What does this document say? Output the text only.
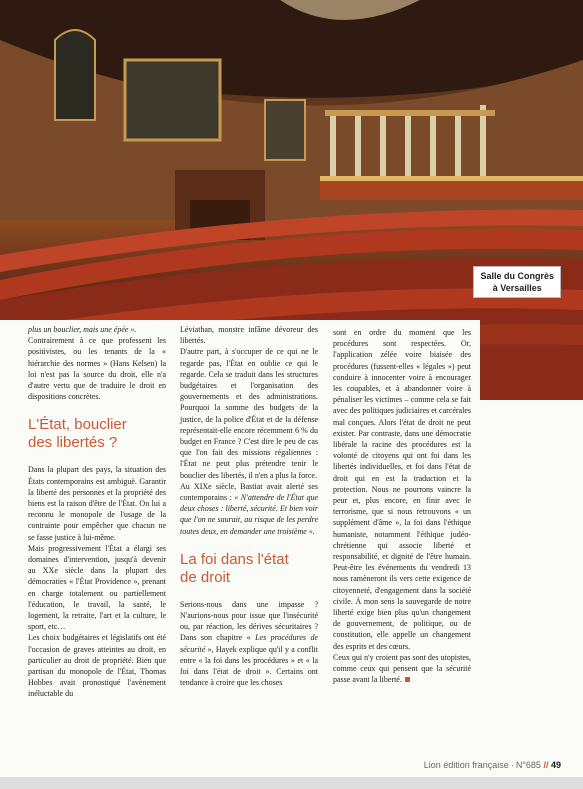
Salle du Congrès
à Versailles

plus un bouclier, mais une épée ».

Contrairement à ce que professent les positivistes, ou les tenants de la « hiérarchie des normes » (Hans Kelsen) la loi n'est pas la source du droit, elle n'a d'autre vertu que de traduire le droit en dispositions concrètes.

L'État, bouclier
des libertés ?

Dans la plupart des pays, la situation des États contemporains est ambiguë. Garantir la liberté des personnes et la propriété des biens est la raison d'être de l'État. On lui a reconnu le monopole de l'usage de la contrainte pour empêcher que chacun ne se fasse justice à lui-même.

Mais progressivement l'État a élargi ses domaines d'intervention, jusqu'à devenir au XXe siècle dans la plupart des démocraties « l'État Providence », prenant en charge totalement ou partiellement l'éducation, le travail, la santé, le logement, la retraite, l'art et la culture, le sport, etc…

Les choix budgétaires et législatifs ont été l'occasion de graves atteintes au droit, en particulier au droit de propriété. Bien que partisan du monopole de l'État, Thomas Hobbes avait pronostiqué l'avènement inéluctable du

Léviathan, monstre infâme dévoreur des libertés.

D'autre part, à s'occuper de ce qui ne le regarde pas, l'État en oublie ce qui le regarde. Cela se traduit dans les structures budgétaires et l'organisation des gouvernements et des administrations. Pourquoi la somme des budgets de la justice, de la police d'État et de la défense représentait-elle encore récemment 6 % du budget en France ? C'est dire le peu de cas que l'on fait des missions régaliennes : l'État ne peut plus prétendre tenir le bouclier des libertés, il n'en a plus la force.

Au XIXe siècle, Bastiat avait alerté ses contemporains : « N'attendre de l'État que deux choses : liberté, sécurité. Et bien voir que l'on ne saurait, au risque de les perdre toutes deux, en demander une troisième ».

La foi dans l'état
de droit

Serions-nous dans une impasse ? N'aurions-nous pour issue que l'insécurité ou, par réaction, les dérives sécuritaires ? Dans son chapitre « Les procédures de sécurité », Hayek explique qu'il y a conflit entre « la foi dans les procédures » et « la foi dans l'état de droit ». Certains ont tendance à croire que les choses

sont en ordre du moment que les procédures sont respectées. Or, l'application zélée voire biaisée des procédures (fussent-elles « légales ») peut conduire à innocenter voire à encourager les coupables, et à abandonner voire à pénaliser les victimes – comme cela se fait avec des politiques judiciaires et carcérales mal conçues. Alors l'état de droit ne peut exister. Par contraste, dans une démocratie libérale la racine des procédures est la volonté de citoyens qui ont foi dans les libertés individuelles, et foi dans l'état de droit qui en est la traduction et la protection. Nous ne pourrons vaincre la peur et, plus encore, en finir avec le terrorisme, que si nous retrouvons « un supplément d'âme », la foi dans l'éthique humaniste, notamment l'éthique judéo-chrétienne qui associe liberté et responsabilité, et dignité de l'être humain. Peut-être les événements du vendredi 13 nous ramèneront ils vers cette exigence de citoyenneté, d'engagement dans la société civile. À mon sens la sauvegarde de notre liberté exige bien plus qu'un changement de gouvernement, de politique, ou de constitution, elle appelle un changement des esprits et des cœurs.

Ceux qui n'y croient pas sont des utopistes, comme ceux qui pensent que la sécurité passe avant la liberté.

Lion édition française · N°685 // 49
